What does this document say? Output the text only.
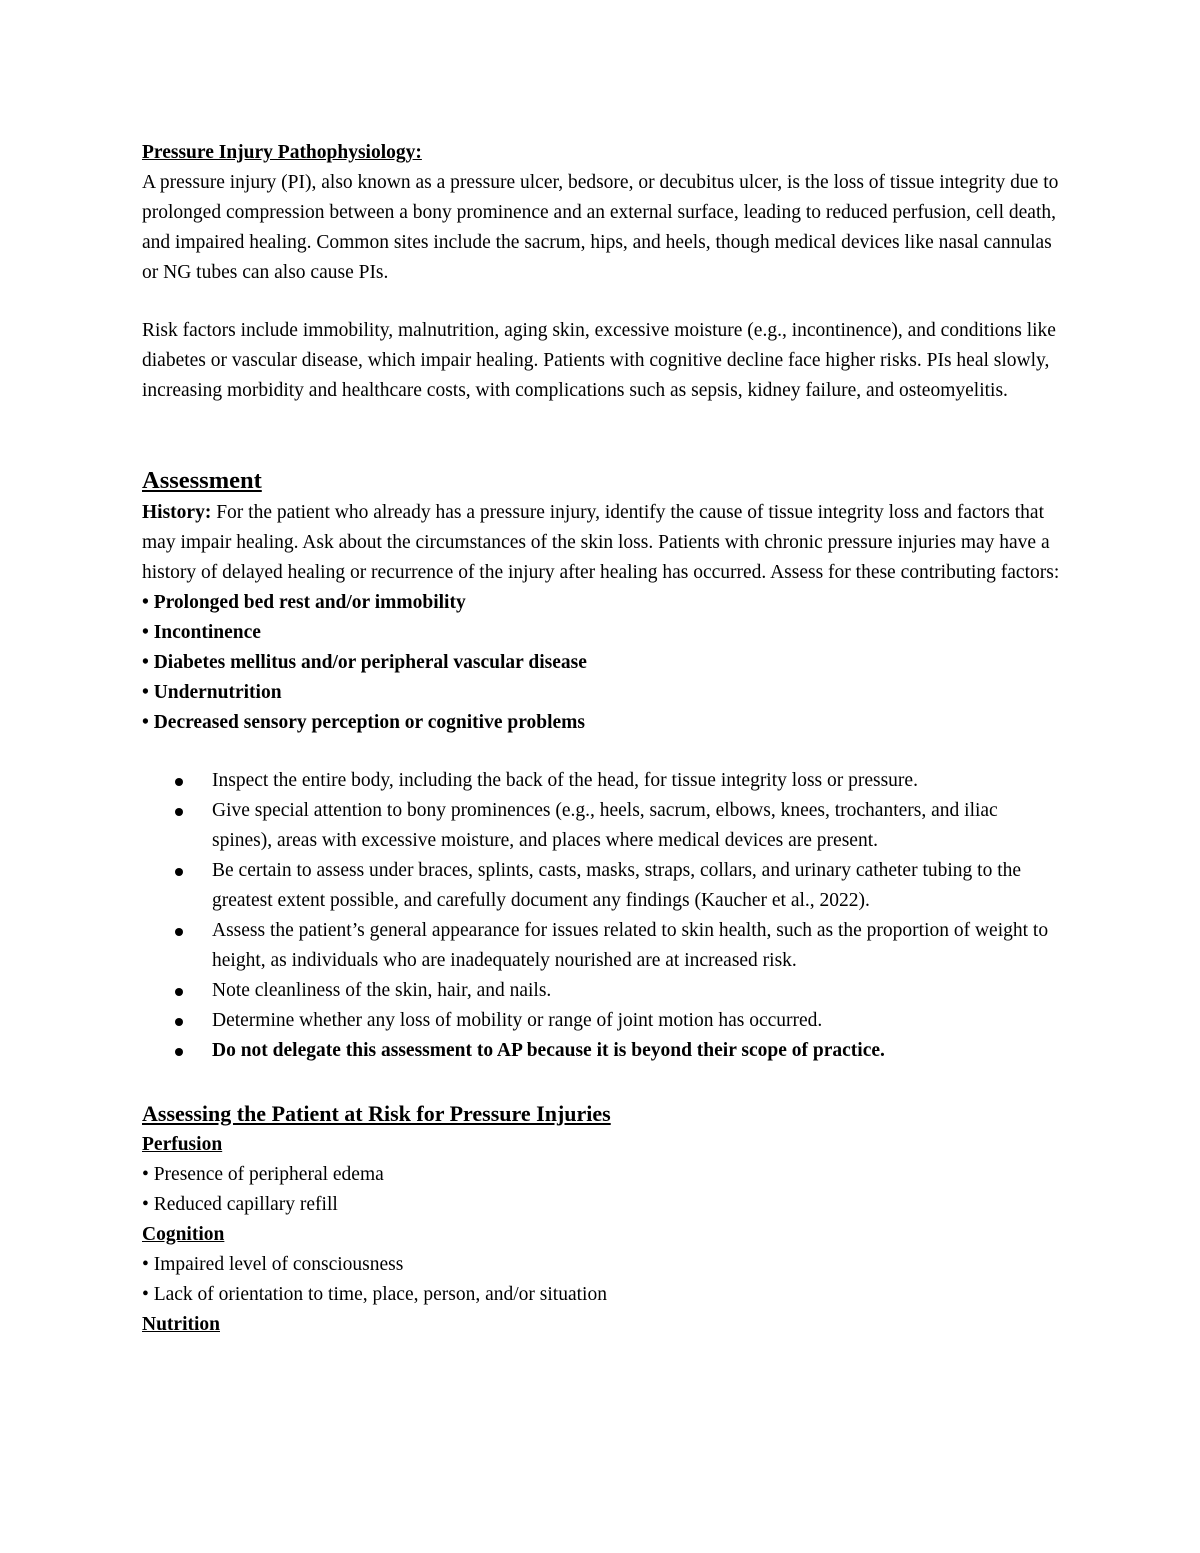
Pressure Injury Pathophysiology:

A pressure injury (PI), also known as a pressure ulcer, bedsore, or decubitus ulcer, is the loss of tissue integrity due to prolonged compression between a bony prominence and an external surface, leading to reduced perfusion, cell death, and impaired healing. Common sites include the sacrum, hips, and heels, though medical devices like nasal cannulas or NG tubes can also cause PIs.

Risk factors include immobility, malnutrition, aging skin, excessive moisture (e.g., incontinence), and conditions like diabetes or vascular disease, which impair healing. Patients with cognitive decline face higher risks. PIs heal slowly, increasing morbidity and healthcare costs, with complications such as sepsis, kidney failure, and osteomyelitis.

Assessment

History: For the patient who already has a pressure injury, identify the cause of tissue integrity loss and factors that may impair healing. Ask about the circumstances of the skin loss. Patients with chronic pressure injuries may have a history of delayed healing or recurrence of the injury after healing has occurred. Assess for these contributing factors:

• Prolonged bed rest and/or immobility

• Incontinence

• Diabetes mellitus and/or peripheral vascular disease

• Undernutrition

• Decreased sensory perception or cognitive problems

Inspect the entire body, including the back of the head, for tissue integrity loss or pressure.
Give special attention to bony prominences (e.g., heels, sacrum, elbows, knees, trochanters, and iliac spines), areas with excessive moisture, and places where medical devices are present.
Be certain to assess under braces, splints, casts, masks, straps, collars, and urinary catheter tubing to the greatest extent possible, and carefully document any findings (Kaucher et al., 2022).
Assess the patient’s general appearance for issues related to skin health, such as the proportion of weight to height, as individuals who are inadequately nourished are at increased risk.
Note cleanliness of the skin, hair, and nails.
Determine whether any loss of mobility or range of joint motion has occurred.
Do not delegate this assessment to AP because it is beyond their scope of practice.

Assessing the Patient at Risk for Pressure Injuries

Perfusion

• Presence of peripheral edema

• Reduced capillary refill

Cognition

• Impaired level of consciousness

• Lack of orientation to time, place, person, and/or situation

Nutrition
